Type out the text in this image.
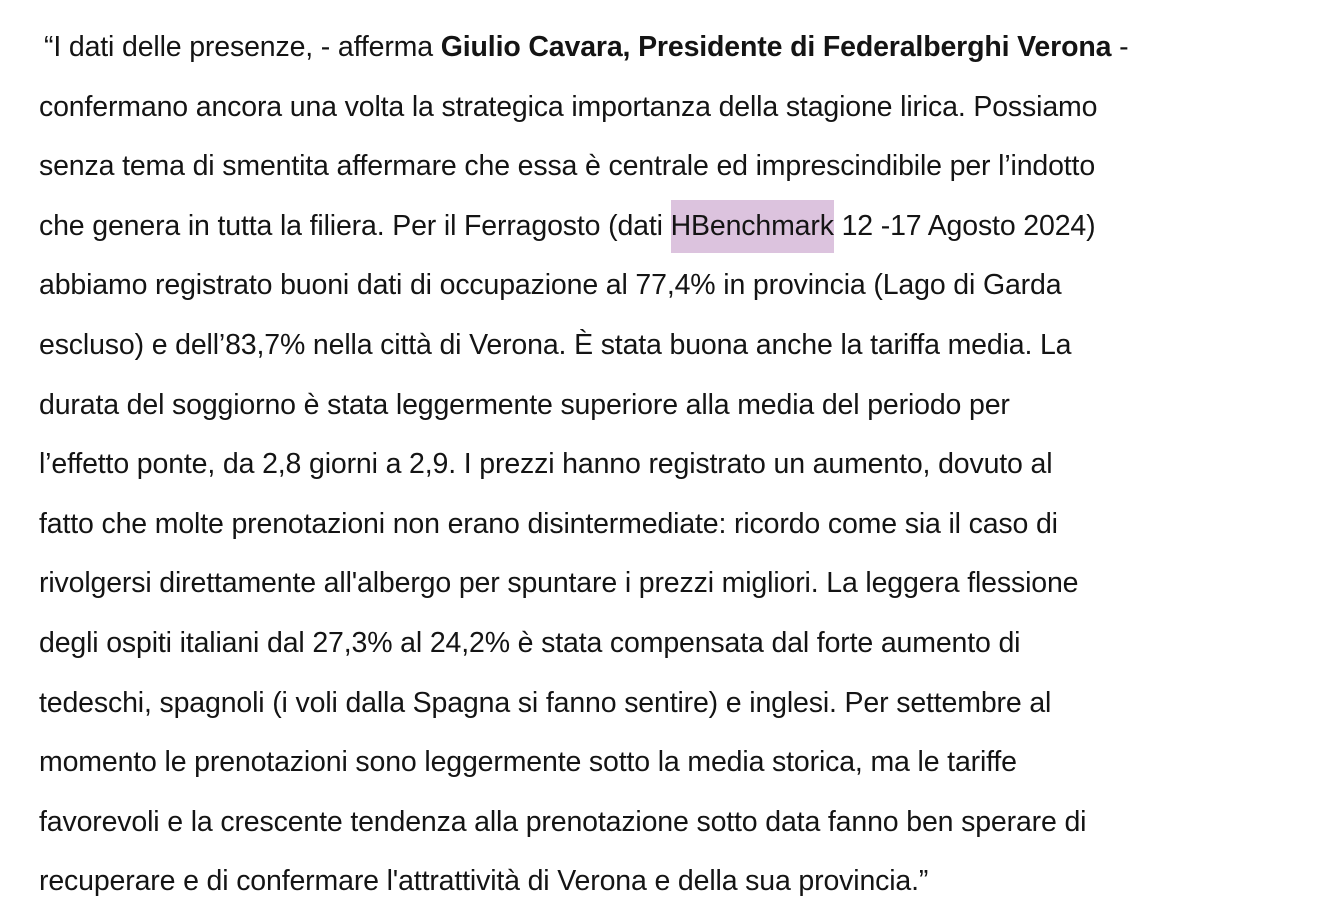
“I dati delle presenze, - afferma Giulio Cavara, Presidente di Federalberghi Verona -
confermano ancora una volta la strategica importanza della stagione lirica. Possiamo
senza tema di smentita affermare che essa è centrale ed imprescindibile per l’indotto
che genera in tutta la filiera. Per il Ferragosto (dati HBenchmark 12 -17 Agosto 2024)
abbiamo registrato buoni dati di occupazione al 77,4% in provincia (Lago di Garda
escluso) e dell’83,7% nella città di Verona. È stata buona anche la tariffa media. La
durata del soggiorno è stata leggermente superiore alla media del periodo per
l’effetto ponte, da 2,8 giorni a 2,9. I prezzi hanno registrato un aumento, dovuto al
fatto che molte prenotazioni non erano disintermediate: ricordo come sia il caso di
rivolgersi direttamente all'albergo per spuntare i prezzi migliori. La leggera flessione
degli ospiti italiani dal 27,3% al 24,2% è stata compensata dal forte aumento di
tedeschi, spagnoli (i voli dalla Spagna si fanno sentire) e inglesi. Per settembre al
momento le prenotazioni sono leggermente sotto la media storica, ma le tariffe
favorevoli e la crescente tendenza alla prenotazione sotto data fanno ben sperare di
recuperare e di confermare l'attrattività di Verona e della sua provincia.”
